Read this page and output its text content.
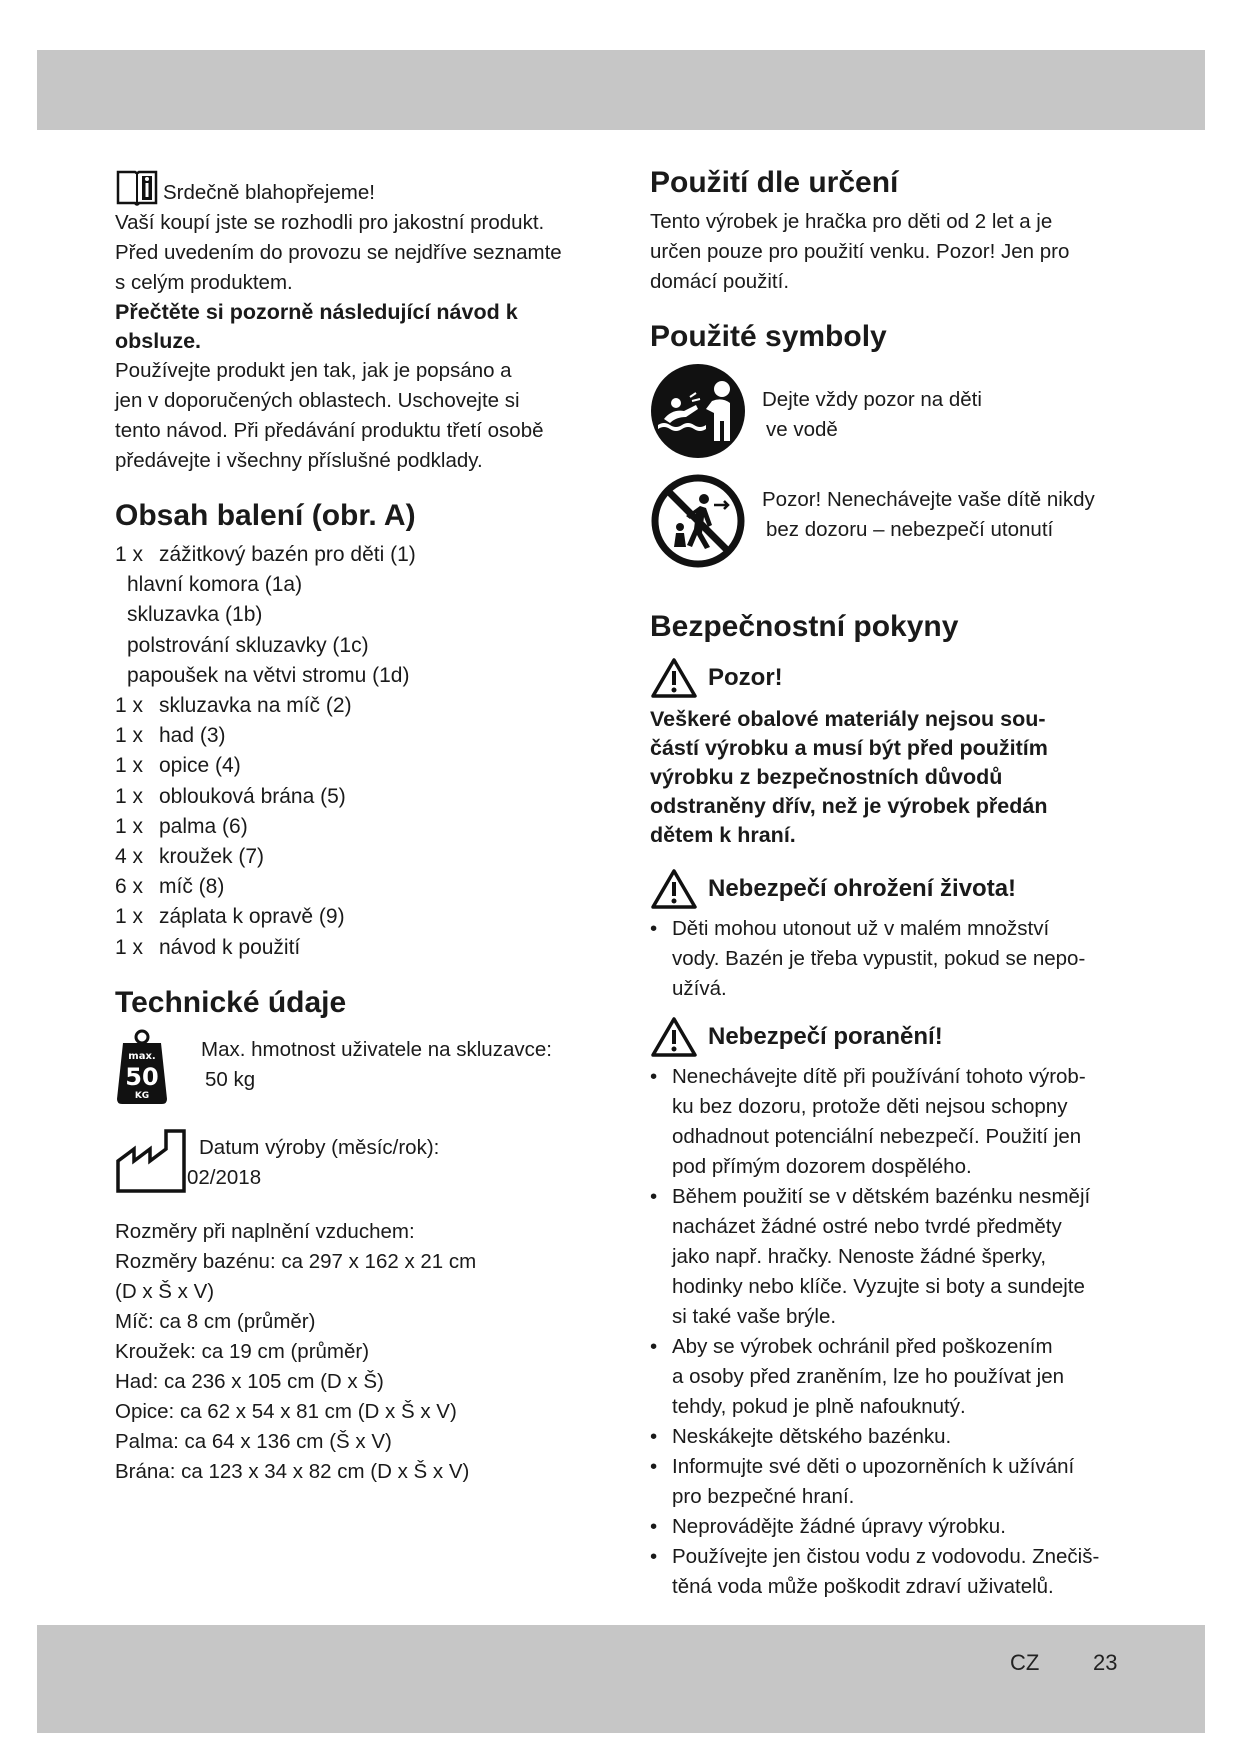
Srdečně blahopřejeme!

Vaší koupí jste se rozhodli pro jakostní produkt.

Před uvedením do provozu se nejdříve seznamte

s celým produktem.

Přečtěte si pozorně následující návod k

obsluze.

Používejte produkt jen tak, jak je popsáno a

jen v doporučených oblastech. Uschovejte si

tento návod. Při předávání produktu třetí osobě

předávejte i všechny příslušné podklady.

Obsah balení (obr. A)
1 x zážitkový bazén pro děti (1)
hlavní komora (1a)
skluzavka (1b)
polstrování skluzavky (1c)
papoušek na větvi stromu (1d)
1 x skluzavka na míč (2)
1 x had (3)
1 x opice (4)
1 x oblouková brána (5)
1 x palma (6)
4 x kroužek (7)
6 x míč (8)
1 x záplata k opravě (9)
1 x návod k použití
Technické údaje
max.
50
KG

Max. hmotnost uživatele na skluzavce:

50 kg

Datum výroby (měsíc/rok):

02/2018

Rozměry při naplnění vzduchem:

Rozměry bazénu: ca 297 x 162 x 21 cm

(D x Š x V)

Míč: ca 8 cm (průměr)

Kroužek: ca 19 cm (průměr)

Had: ca 236 x 105 cm (D x Š)

Opice: ca 62 x 54 x 81 cm (D x Š x V)

Palma: ca 64 x 136 cm (Š x V)

Brána: ca 123 x 34 x 82 cm (D x Š x V)

Použití dle určení

Tento výrobek je hračka pro děti od 2 let a je

určen pouze pro použití venku. Pozor! Jen pro

domácí použití.

Použité symboly

Dejte vždy pozor na děti

ve vodě

Pozor! Nenechávejte vaše dítě nikdy

bez dozoru – nebezpečí utonutí

Bezpečnostní pokyny
Pozor!

Veškeré obalové materiály nejsou sou-

částí výrobku a musí být před použitím

výrobku z bezpečnostních důvodů

odstraněny dřív, než je výrobek předán

dětem k hraní.

Nebezpečí ohrožení života!
• Děti mohou utonout už v malém množství

vody. Bazén je třeba vypustit, pokud se nepo-

užívá.

Nebezpečí poranění!
• Nenechávejte dítě při používání tohoto výrob-

ku bez dozoru, protože děti nejsou schopny

odhadnout potenciální nebezpečí. Použití jen

pod přímým dozorem dospělého.

• Během použití se v dětském bazénku nesmějí

nacházet žádné ostré nebo tvrdé předměty

jako např. hračky. Nenoste žádné šperky,

hodinky nebo klíče. Vyzujte si boty a sundejte

si také vaše brýle.

• Aby se výrobek ochránil před poškozením

a osoby před zraněním, lze ho používat jen

tehdy, pokud je plně nafouknutý.

• Neskákejte dětského bazénku.

• Informujte své děti o upozorněních k užívání

pro bezpečné hraní.

• Neprovádějte žádné úpravy výrobku.

• Používejte jen čistou vodu z vodovodu. Znečiš-

těná voda může poškodit zdraví uživatelů.

CZ 23
